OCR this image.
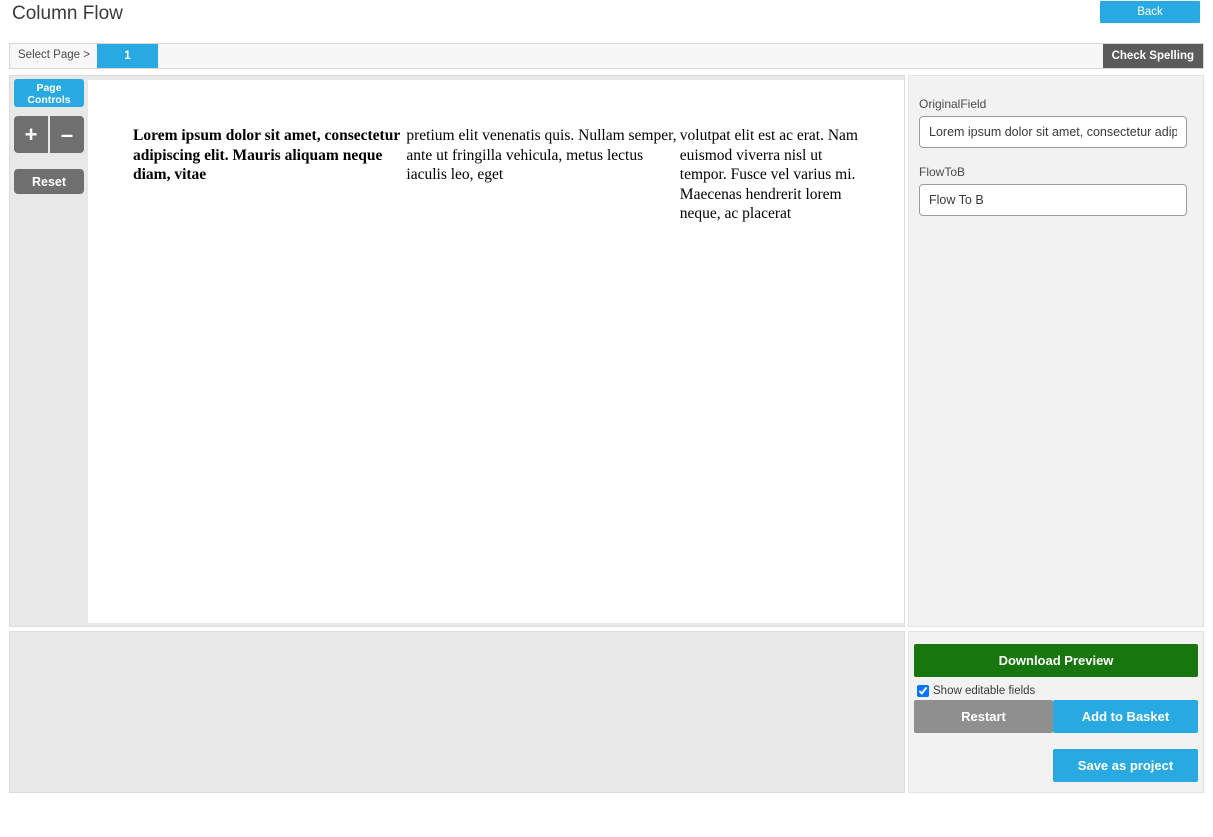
Column Flow	Back
Select Page >	1	Check Spelling
Page Controls
+	–
Reset
Lorem ipsum dolor sit amet, consectetur adipiscing elit. Mauris aliquam neque diam, vitae
pretium elit venenatis quis. Nullam semper, ante ut fringilla vehicula, metus lectus iaculis leo, eget
volutpat elit est ac erat. Nam euismod viverra nisl ut tempor. Fusce vel varius mi. Maecenas hendrerit lorem neque, ac placerat
OriginalField
Lorem ipsum dolor sit amet, consectetur adipis
FlowToB
Flow To B
Download Preview
Show editable fields
Restart	Add to Basket
Save as project
